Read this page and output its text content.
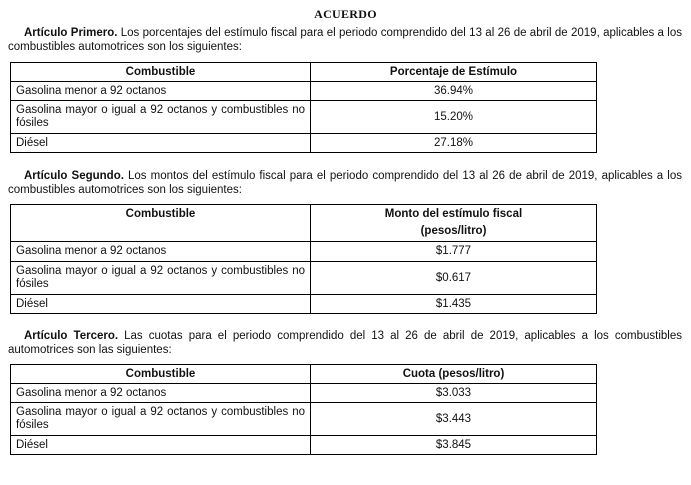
ACUERDO
Artículo Primero. Los porcentajes del estímulo fiscal para el periodo comprendido del 13 al 26 de abril de 2019, aplicables a los combustibles automotrices son los siguientes:
Combustible	Porcentaje de Estímulo
Gasolina menor a 92 octanos	36.94%
Gasolina mayor o igual a 92 octanos y combustibles no fósiles	15.20%
Diésel	27.18%
Artículo Segundo. Los montos del estímulo fiscal para el periodo comprendido del 13 al 26 de abril de 2019, aplicables a los combustibles automotrices son los siguientes:
Combustible	Monto del estímulo fiscal
(pesos/litro)

Gasolina menor a 92 octanos	$1.777
Gasolina mayor o igual a 92 octanos y combustibles no fósiles	$0.617
Diésel	$1.435
Artículo Tercero. Las cuotas para el periodo comprendido del 13 al 26 de abril de 2019, aplicables a los combustibles automotrices son las siguientes:
Combustible	Cuota (pesos/litro)
Gasolina menor a 92 octanos	$3.033
Gasolina mayor o igual a 92 octanos y combustibles no fósiles	$3.443
Diésel	$3.845
